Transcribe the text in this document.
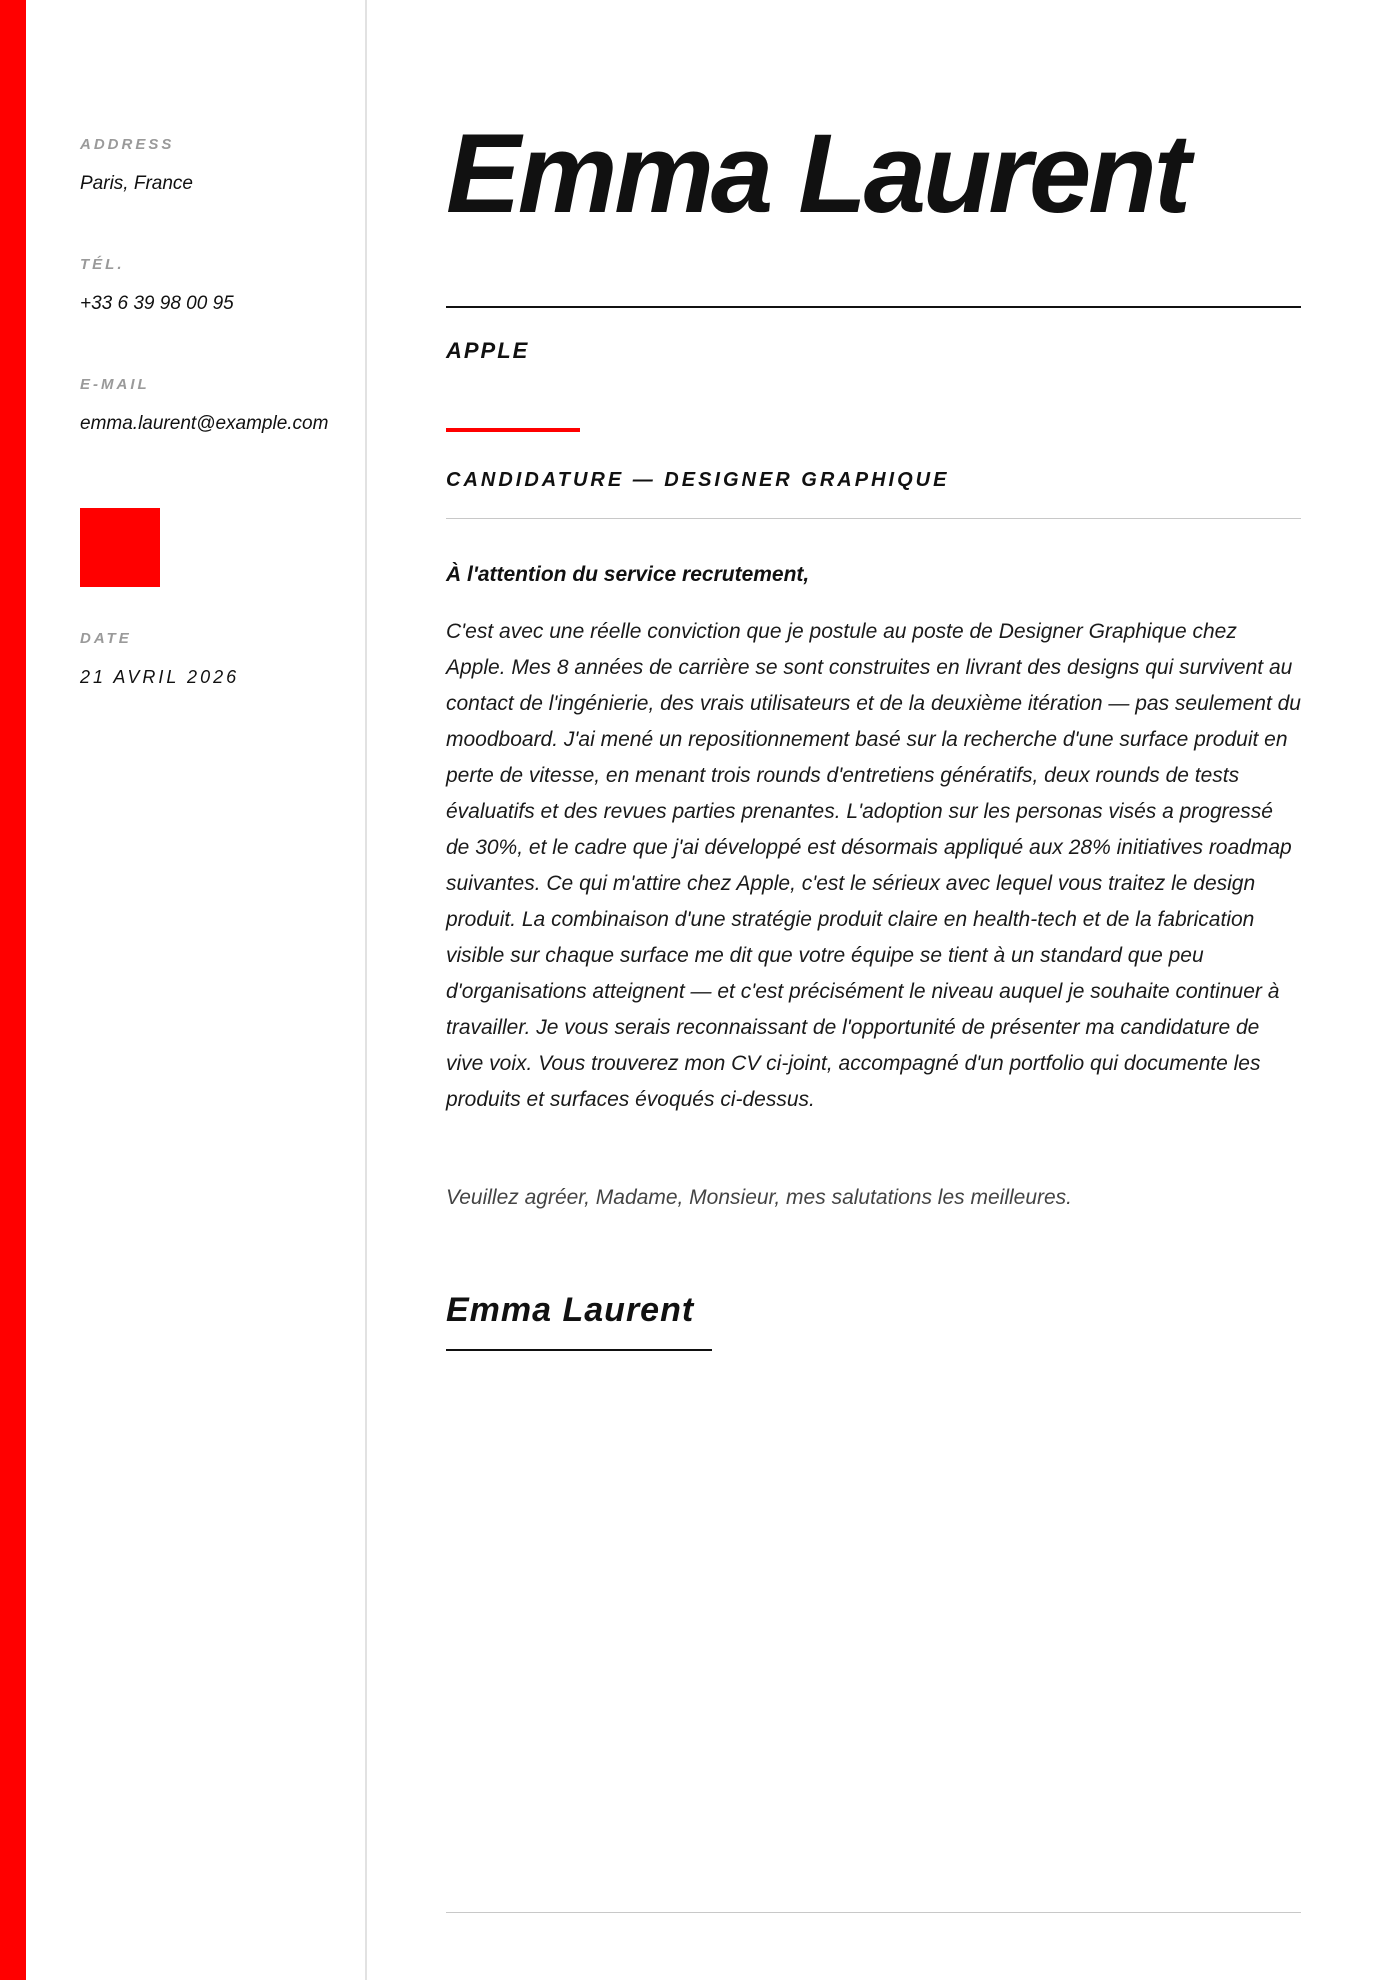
ADDRESS
Paris, France
TÉL.
+33 6 39 98 00 95
E-MAIL
emma.laurent@example.com
DATE
21 AVRIL 2026
Emma Laurent
APPLE
CANDIDATURE — DESIGNER GRAPHIQUE
À l'attention du service recrutement,

C'est avec une réelle conviction que je postule au poste de Designer Graphique chez Apple. Mes 8 années de carrière se sont construites en livrant des designs qui survivent au contact de l'ingénierie, des vrais utilisateurs et de la deuxième itération — pas seulement du moodboard. J'ai mené un repositionnement basé sur la recherche d'une surface produit en perte de vitesse, en menant trois rounds d'entretiens génératifs, deux rounds de tests évaluatifs et des revues parties prenantes. L'adoption sur les personas visés a progressé de 30%, et le cadre que j'ai développé est désormais appliqué aux 28% initiatives roadmap suivantes. Ce qui m'attire chez Apple, c'est le sérieux avec lequel vous traitez le design produit. La combinaison d'une stratégie produit claire en health-tech et de la fabrication visible sur chaque surface me dit que votre équipe se tient à un standard que peu d'organisations atteignent — et c'est précisément le niveau auquel je souhaite continuer à travailler. Je vous serais reconnaissant de l'opportunité de présenter ma candidature de vive voix. Vous trouverez mon CV ci-joint, accompagné d'un portfolio qui documente les produits et surfaces évoqués ci-dessus.

Veuillez agréer, Madame, Monsieur, mes salutations les meilleures.
Emma Laurent
